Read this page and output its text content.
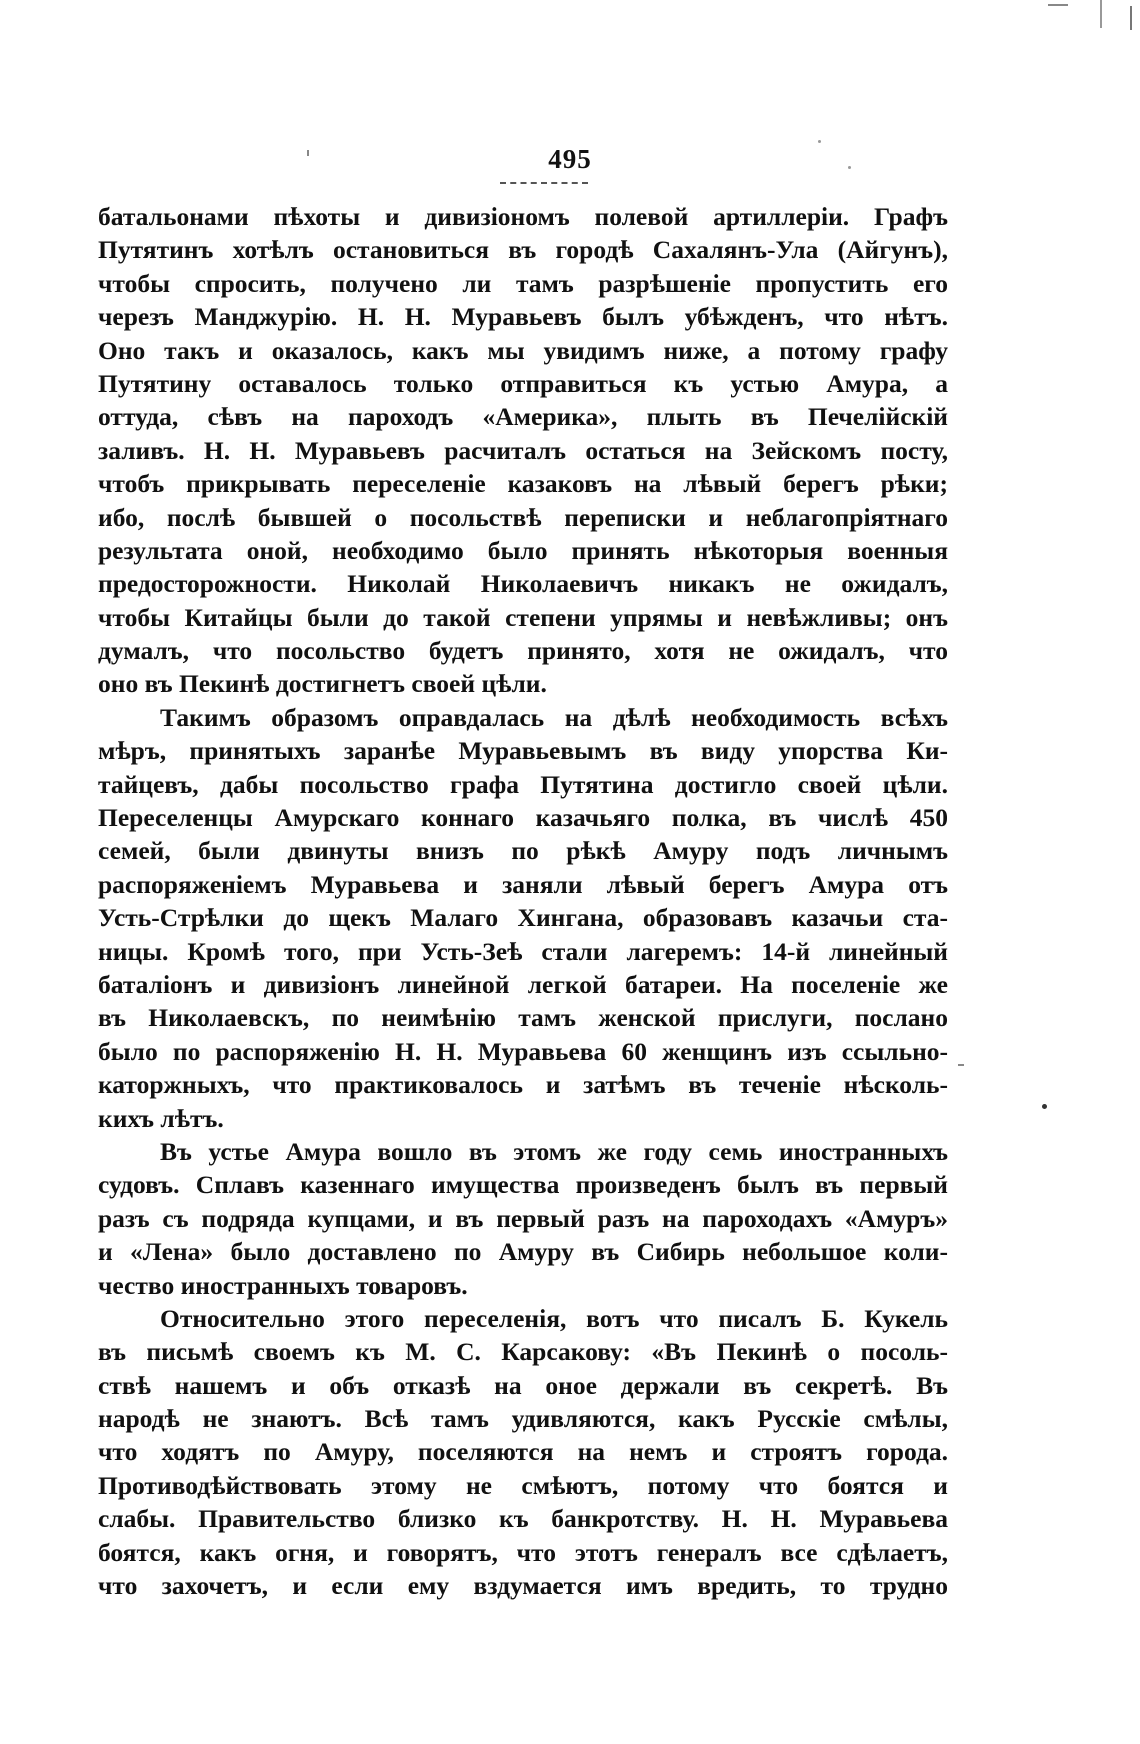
495
батальонами пѣхоты и дивизіономъ полевой артиллеріи. Графъ
Путятинъ хотѣлъ остановиться въ городѣ Сахалянъ-Ула (Айгунъ),
чтобы спросить, получено ли тамъ разрѣшеніе пропустить его
черезъ Манджурію. Н. Н. Муравьевъ былъ убѣжденъ, что нѣтъ.
Оно такъ и оказалось, какъ мы увидимъ ниже, а потому графу
Путятину оставалось только отправиться къ устью Амура, а
оттуда, сѣвъ на пароходъ «Америка», плыть въ Печелійскій
заливъ. Н. Н. Муравьевъ расчиталъ остаться на Зейскомъ посту,
чтобъ прикрывать переселеніе казаковъ на лѣвый берегъ рѣки;
ибо, послѣ бывшей о посольствѣ переписки и неблагопріятнаго
результата оной, необходимо было принять нѣкоторыя военныя
предосторожности. Николай Николаевичъ никакъ не ожидалъ,
чтобы Китайцы были до такой степени упрямы и невѣжливы; онъ
думалъ, что посольство будетъ принято, хотя не ожидалъ, что
оно въ Пекинѣ достигнетъ своей цѣли.
Такимъ образомъ оправдалась на дѣлѣ необходимость всѣхъ
мѣръ, принятыхъ заранѣе Муравьевымъ въ виду упорства Ки-
тайцевъ, дабы посольство графа Путятина достигло своей цѣли.
Переселенцы Амурскаго коннаго казачьяго полка, въ числѣ 450
семей, были двинуты внизъ по рѣкѣ Амуру подъ личнымъ
распоряженіемъ Муравьева и заняли лѣвый берегъ Амура отъ
Усть-Стрѣлки до щекъ Малаго Хингана, образовавъ казачьи ста-
ницы. Кромѣ того, при Усть-Зеѣ стали лагеремъ: 14-й линейный
баталіонъ и дивизіонъ линейной легкой батареи. На поселеніе же
въ Николаевскъ, по неимѣнію тамъ женской прислуги, послано
было по распоряженію Н. Н. Муравьева 60 женщинъ изъ ссыльно-
каторжныхъ, что практиковалось и затѣмъ въ теченіе нѣсколь-
кихъ лѣтъ.
Въ устье Амура вошло въ этомъ же году семь иностранныхъ
судовъ. Сплавъ казеннаго имущества произведенъ былъ въ первый
разъ съ подряда купцами, и въ первый разъ на пароходахъ «Амуръ»
и «Лена» было доставлено по Амуру въ Сибирь небольшое коли-
чество иностранныхъ товаровъ.
Относительно этого переселенія, вотъ что писалъ Б. Кукель
въ письмѣ своемъ къ М. С. Карсакову: «Въ Пекинѣ о посоль-
ствѣ нашемъ и объ отказѣ на оное держали въ секретѣ. Въ
народѣ не знаютъ. Всѣ тамъ удивляются, какъ Русскіе смѣлы,
что ходятъ по Амуру, поселяются на немъ и строятъ города.
Противодѣйствовать этому не смѣютъ, потому что боятся и
слабы. Правительство близко къ банкротству. Н. Н. Муравьева
боятся, какъ огня, и говорятъ, что этотъ генералъ все сдѣлаетъ,
что захочетъ, и если ему вздумается имъ вредить, то трудно
